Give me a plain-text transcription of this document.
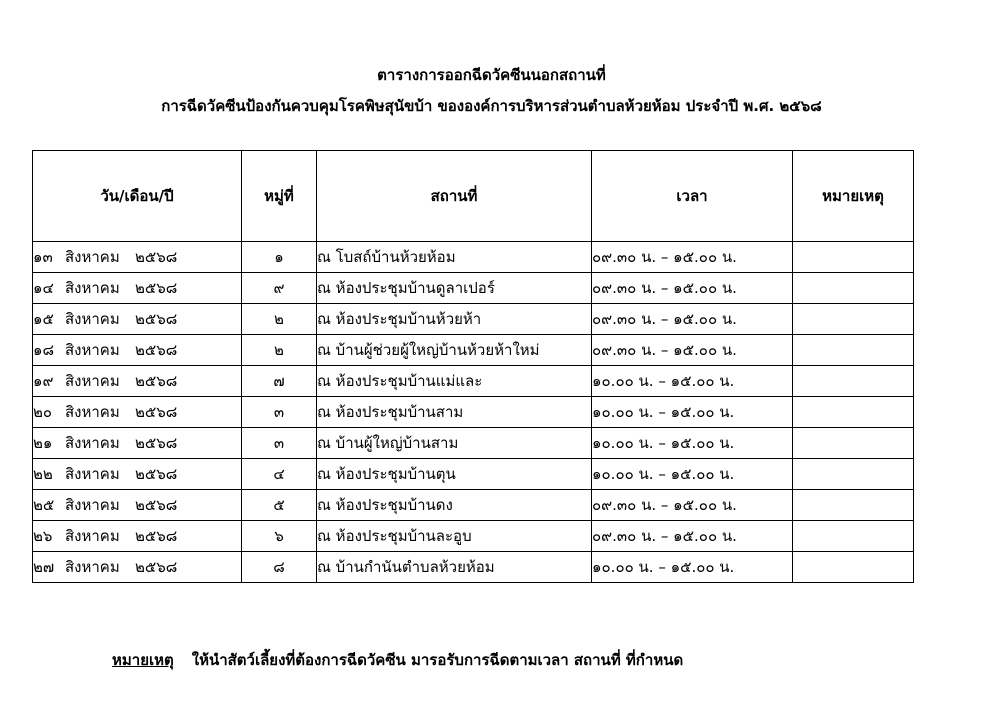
ตารางการออกฉีดวัคซีนนอกสถานที่
การฉีดวัคซีนป้องกันควบคุมโรคพิษสุนัขบ้า ขององค์การบริหารส่วนตำบลห้วยห้อม ประจำปี พ.ศ. ๒๕๖๘
วัน/เดือน/ปี	หมู่ที่	สถานที่	เวลา	หมายเหตุ
๑๓ สิงหาคม ๒๕๖๘	๑	ณ โบสถ์บ้านห้วยห้อม	๐๙.๓๐ น. – ๑๕.๐๐ น.	
๑๔ สิงหาคม ๒๕๖๘	๙	ณ ห้องประชุมบ้านดูลาเปอร์	๐๙.๓๐ น. – ๑๕.๐๐ น.	
๑๕ สิงหาคม ๒๕๖๘	๒	ณ ห้องประชุมบ้านห้วยห้า	๐๙.๓๐ น. – ๑๕.๐๐ น.	
๑๘ สิงหาคม ๒๕๖๘	๒	ณ บ้านผู้ช่วยผู้ใหญ่บ้านห้วยห้าใหม่	๐๙.๓๐ น. – ๑๕.๐๐ น.	
๑๙ สิงหาคม ๒๕๖๘	๗	ณ ห้องประชุมบ้านแม่และ	๑๐.๐๐ น. – ๑๕.๐๐ น.	
๒๐ สิงหาคม ๒๕๖๘	๓	ณ ห้องประชุมบ้านสาม	๑๐.๐๐ น. – ๑๕.๐๐ น.	
๒๑ สิงหาคม ๒๕๖๘	๓	ณ บ้านผู้ใหญ่บ้านสาม	๑๐.๐๐ น. – ๑๕.๐๐ น.	
๒๒ สิงหาคม ๒๕๖๘	๔	ณ ห้องประชุมบ้านตุน	๑๐.๐๐ น. – ๑๕.๐๐ น.	
๒๕ สิงหาคม ๒๕๖๘	๕	ณ ห้องประชุมบ้านดง	๐๙.๓๐ น. – ๑๕.๐๐ น.	
๒๖ สิงหาคม ๒๕๖๘	๖	ณ ห้องประชุมบ้านละอูบ	๐๙.๓๐ น. – ๑๕.๐๐ น.	
๒๗ สิงหาคม ๒๕๖๘	๘	ณ บ้านกำนันตำบลห้วยห้อม	๑๐.๐๐ น. – ๑๕.๐๐ น.	
หมายเหตุ ให้นำสัตว์เลี้ยงที่ต้องการฉีดวัคซีน มารอรับการฉีดตามเวลา สถานที่ ที่กำหนด
